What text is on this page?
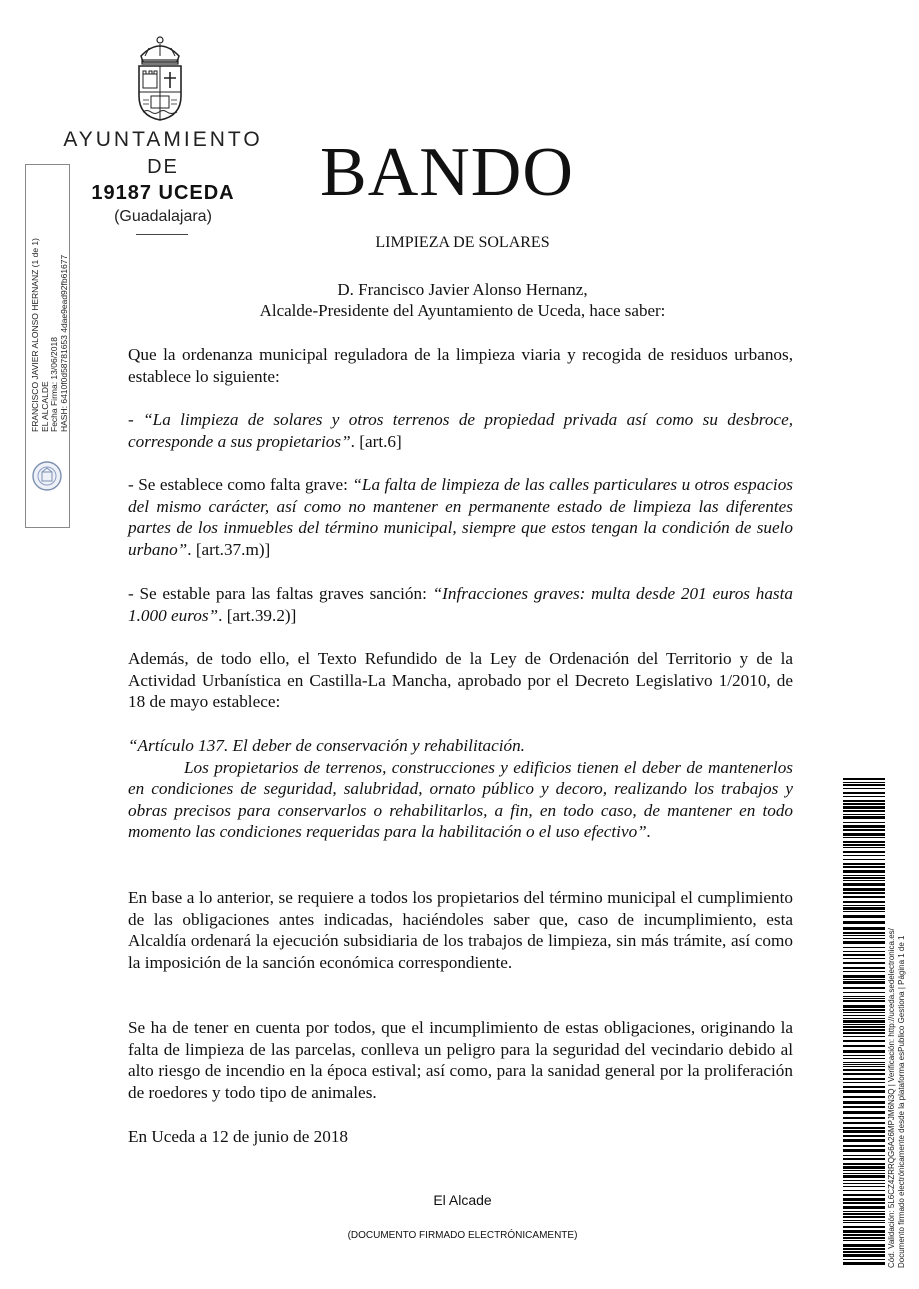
AYUNTAMIENTO
DE
19187 UCEDA
(Guadalajara)
FRANCISCO JAVIER ALONSO HERNANZ (1 de 1) EL ALCALDE Fecha Firma: 13/06/2018 HASH: 6410f0d58781653 4dae9ead92fb61677
BANDO
LIMPIEZA DE SOLARES
D. Francisco Javier Alonso Hernanz,
Alcalde-Presidente del Ayuntamiento de Uceda, hace saber:
Que la ordenanza municipal reguladora de la limpieza viaria y recogida de residuos urbanos, establece lo siguiente:
- “La limpieza de solares y otros terrenos de propiedad privada así como su desbroce, corresponde a sus propietarios”. [art.6]
- Se establece como falta grave: “La falta de limpieza de las calles particulares u otros espacios del mismo carácter, así como no mantener en permanente estado de limpieza las diferentes partes de los inmuebles del término municipal, siempre que estos tengan la condición de suelo urbano”. [art.37.m)]
- Se estable para las faltas graves sanción: “Infracciones graves: multa desde 201 euros hasta 1.000 euros”. [art.39.2)]
Además, de todo ello, el Texto Refundido de la Ley de Ordenación del Territorio y de la Actividad Urbanística en Castilla-La Mancha, aprobado por el Decreto Legislativo 1/2010, de 18 de mayo establece:
“Artículo 137. El deber de conservación y rehabilitación.
Los propietarios de terrenos, construcciones y edificios tienen el deber de mantenerlos en condiciones de seguridad, salubridad, ornato público y decoro, realizando los trabajos y obras precisos para conservarlos o rehabilitarlos, a fin, en todo caso, de mantener en todo momento las condiciones requeridas para la habilitación o el uso efectivo”.
En base a lo anterior, se requiere a todos los propietarios del término municipal el cumplimiento de las obligaciones antes indicadas, haciéndoles saber que, caso de incumplimiento, esta Alcaldía ordenará la ejecución subsidiaria de los trabajos de limpieza, sin más trámite, así como la imposición de la sanción económica correspondiente.
Se ha de tener en cuenta por todos, que el incumplimiento de estas obligaciones, originando la falta de limpieza de las parcelas, conlleva un peligro para la seguridad del vecindario debido al alto riesgo de incendio en la época estival; así como, para la sanidad general por la proliferación de roedores y todo tipo de animales.
En Uceda a 12 de junio de 2018
El Alcade
(DOCUMENTO FIRMADO ELECTRÓNICAMENTE)	Cód. Validación: 5L6CZ4ZRRQG6A26MPJM6N3Q | Verificación: http://uceda.sedelectronica.es/ Documento firmado electrónicamente desde la plataforma esPublico Gestiona | Página 1 de 1
